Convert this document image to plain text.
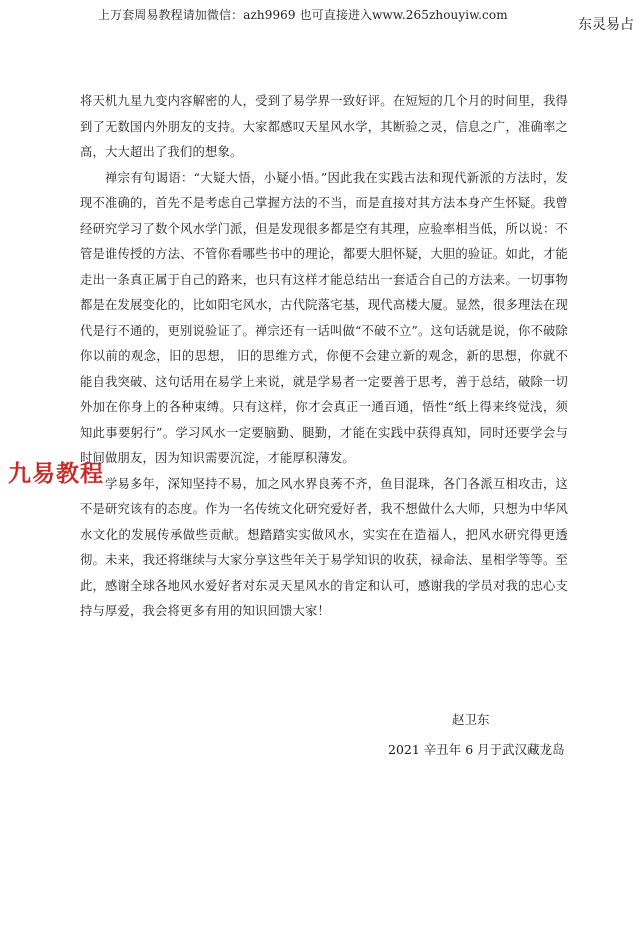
上万套周易教程请加微信：azh9969 也可直接进入www.265zhouyiw.com
东灵易占

将天机九星九变内容解密的人，受到了易学界一致好评。在短短的几个月的时间里，我得到了无数国内外朋友的支持。大家都感叹天星风水学，其断验之灵，信息之广，准确率之高，大大超出了我们的想象。

禅宗有句谒语：“大疑大悟，小疑小悟。”因此我在实践古法和现代新派的方法时，发现不准确的，首先不是考虑自己掌握方法的不当，而是直接对其方法本身产生怀疑。我曾经研究学习了数个风水学门派，但是发现很多都是空有其理，应验率相当低，所以说：不管是谁传授的方法、不管你看哪些书中的理论，都要大胆怀疑，大胆的验证。如此，才能走出一条真正属于自己的路来，也只有这样才能总结出一套适合自己的方法来。一切事物都是在发展变化的，比如阳宅风水，古代院落宅基，现代高楼大厦。显然，很多理法在现代是行不通的，更别说验证了。禅宗还有一话叫做“不破不立”。这句话就是说，你不破除你以前的观念，旧的思想， 旧的思维方式，你便不会建立新的观念，新的思想，你就不能自我突破、这句话用在易学上来说，就是学易者一定要善于思考，善于总结，破除一切外加在你身上的各种束缚。只有这样，你才会真正一通百通，悟性“纸上得来终觉浅，须知此事要躬行”。学习风水一定要脑勤、腿勤，才能在实践中获得真知，同时还要学会与时间做朋友，因为知识需要沉淀，才能厚积薄发。

学易多年，深知坚持不易，加之风水界良莠不齐，鱼目混珠，各门各派互相攻击，这不是研究该有的态度。作为一名传统文化研究爱好者，我不想做什么大师，只想为中华风水文化的发展传承做些贡献。想踏踏实实做风水，实实在在造福人，把风水研究得更透彻。未来，我还将继续与大家分享这些年关于易学知识的收获，禄命法、星相学等等。至此，感谢全球各地风水爱好者对东灵天星风水的肯定和认可，感谢我的学员对我的忠心支持与厚爱，我会将更多有用的知识回馈大家！

九易教程
赵卫东
2021 辛丑年 6 月于武汉藏龙岛
